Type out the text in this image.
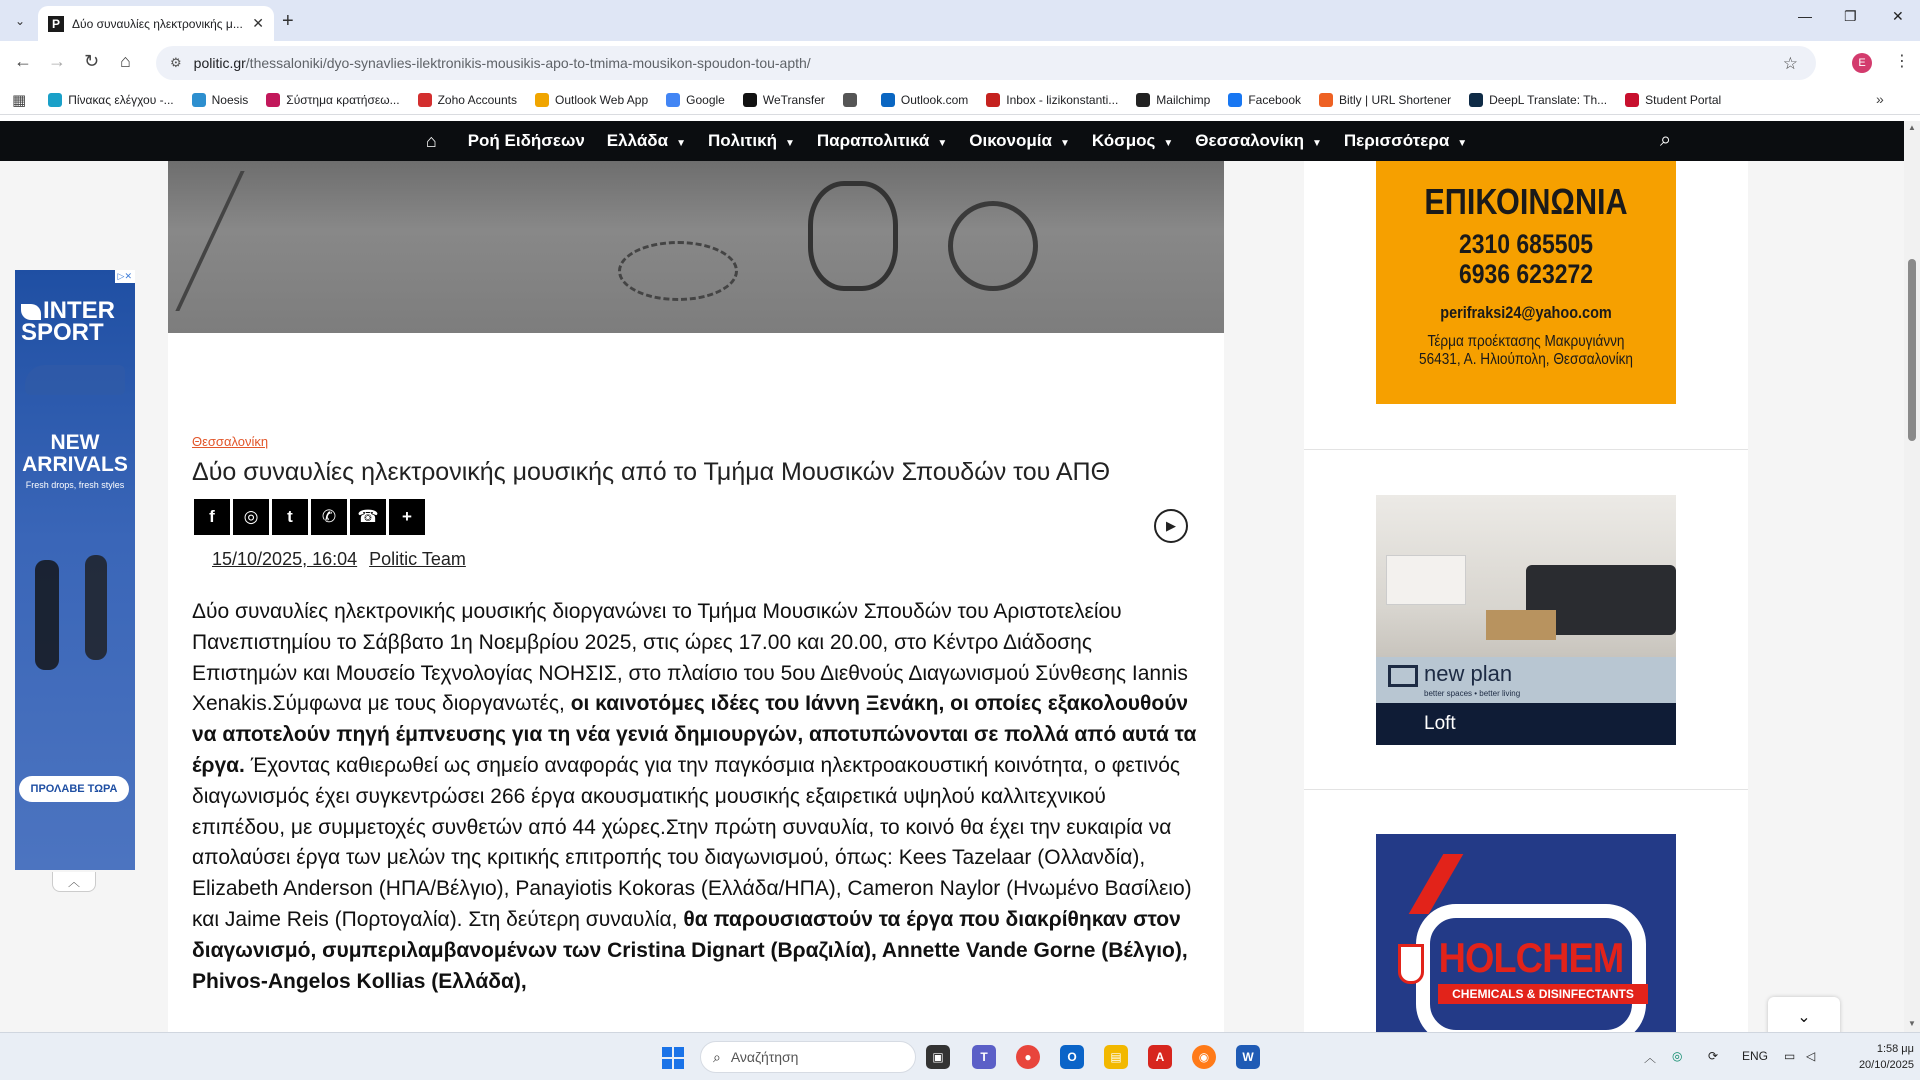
⌄	P	Δύο συναυλίες ηλεκτρονικής μ... ✕ +	— ❐	✕
← → ↻ ⌂	⚙ politic.gr/thessaloniki/dyo-synavlies-ilektronikis-mousikis-apo-to-tmima-mousikon-spoudon-tou-apth/	☆	E	⋮
▦	Πίνακας ελέγχου -...	Noesis	Σύστημα κρατήσεω...	Zoho Accounts	Outlook Web App	Google	WeTransfer	Outlook.com	Inbox - lizikonstanti...	Mailchimp	Facebook	Bitly | URL Shortener	DeepL Translate: Th...	Student Portal	»
⌂ Ροή Ειδήσεων Ελλάδα ▼ Πολιτική ▼ Παραπολιτικά ▼ Οικονομία ▼ Κόσμος ▼ Θεσσαλονίκη ▼ Περισσότερα ▼	⌕
Θεσσαλονίκη
Δύο συναυλίες ηλεκτρονικής μουσικής από το Τμήμα Μουσικών Σπουδών του ΑΠΘ
f	◎	t	✆	☎	+	▶
15/10/2025, 16:04 Politic Team
Δύο συναυλίες ηλεκτρονικής μουσικής διοργανώνει το Τμήμα Μουσικών Σπουδών του Αριστοτελείου Πανεπιστημίου το Σάββατο 1η Νοεμβρίου 2025, στις ώρες 17.00 και 20.00, στο Κέντρο Διάδοσης Επιστημών και Μουσείο Τεχνολογίας ΝΟΗΣΙΣ, στο πλαίσιο του 5ου Διεθνούς Διαγωνισμού Σύνθεσης Iannis Xenakis.Σύμφωνα με τους διοργανωτές, οι καινοτόμες ιδέες του Ιάννη Ξενάκη, οι οποίες εξακολουθούν να αποτελούν πηγή έμπνευσης για τη νέα γενιά δημιουργών, αποτυπώνονται σε πολλά από αυτά τα έργα. Έχοντας καθιερωθεί ως σημείο αναφοράς για την παγκόσμια ηλεκτροακουστική κοινότητα, ο φετινός διαγωνισμός έχει συγκεντρώσει 266 έργα ακουσματικής μουσικής εξαιρετικά υψηλού καλλιτεχνικού επιπέδου, με συμμετοχές συνθετών από 44 χώρες.Στην πρώτη συναυλία, το κοινό θα έχει την ευκαιρία να απολαύσει έργα των μελών της κριτικής επιτροπής του διαγωνισμού, όπως: Kees Tazelaar (Ολλανδία), Elizabeth Anderson (ΗΠΑ/Βέλγιο), Panayiotis Kokoras (Ελλάδα/ΗΠΑ), Cameron Naylor (Ηνωμένο Βασίλειο) και Jaime Reis (Πορτογαλία). Στη δεύτερη συναυλία, θα παρουσιαστούν τα έργα που διακρίθηκαν στον διαγωνισμό, συμπεριλαμβανομένων των Cristina Dignart (Βραζιλία), Annette Vande Gorne (Βέλγιο), Phivos-Angelos Kollias (Ελλάδα),
▷✕
INTER SPORT
NEW ARRIVALS
Fresh drops, fresh styles
ΠΡΟΛΑΒΕ ΤΩΡΑ
︿
ΕΠΙΚΟΙΝΩΝΙΑ
2310 685505
6936 623272
perifraksi24@yahoo.com
Τέρμα προέκτασης Μακρυγιάννη
56431, Α. Ηλιούπολη, Θεσσαλονίκη
new plan
better spaces • better living
Loft
HOLCHEM
CHEMICALS & DISINFECTANTS
⌄
▲
▼
⌕ Αναζήτηση	▣	T	●	O	▤	A	◉	W	︿ ◎ ⟳ ENG ▭ ◁	1:58 μμ
20/10/2025
